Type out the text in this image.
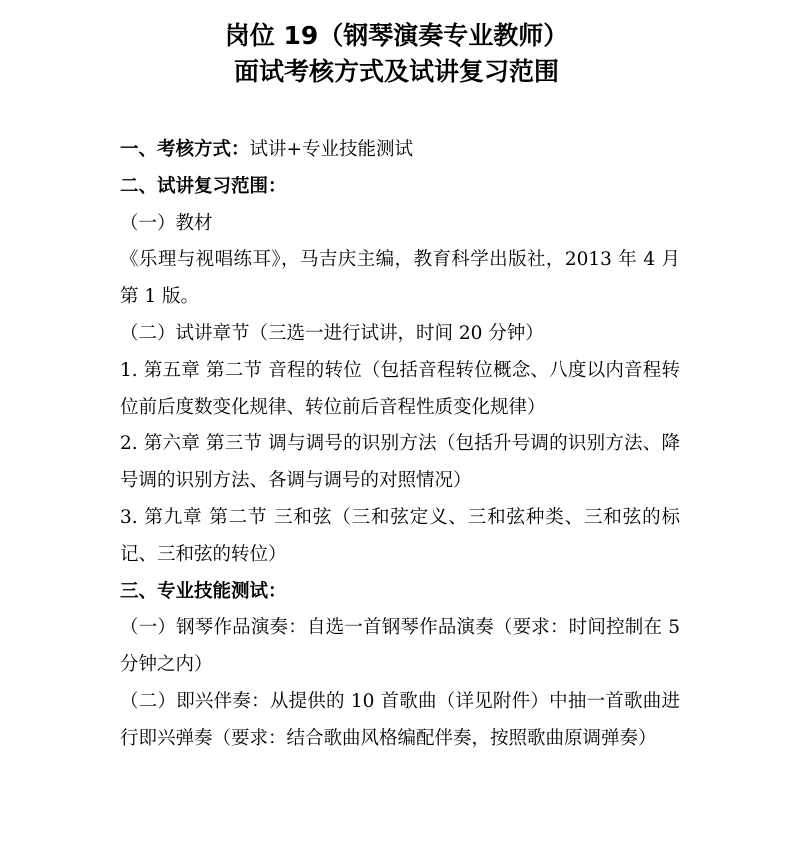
岗位 19（钢琴演奏专业教师）
面试考核方式及试讲复习范围

一、考核方式：试讲+专业技能测试

二、试讲复习范围：

（一）教材

《乐理与视唱练耳》，马吉庆主编，教育科学出版社，2013 年 4 月第 1 版。

（二）试讲章节（三选一进行试讲，时间 20 分钟）

1. 第五章 第二节 音程的转位（包括音程转位概念、八度以内音程转位前后度数变化规律、转位前后音程性质变化规律）

2. 第六章 第三节 调与调号的识别方法（包括升号调的识别方法、降号调的识别方法、各调与调号的对照情况）

3. 第九章 第二节 三和弦（三和弦定义、三和弦种类、三和弦的标记、三和弦的转位）

三、专业技能测试：

（一）钢琴作品演奏：自选一首钢琴作品演奏（要求：时间控制在 5 分钟之内）

（二）即兴伴奏：从提供的 10 首歌曲（详见附件）中抽一首歌曲进行即兴弹奏（要求：结合歌曲风格编配伴奏，按照歌曲原调弹奏）
